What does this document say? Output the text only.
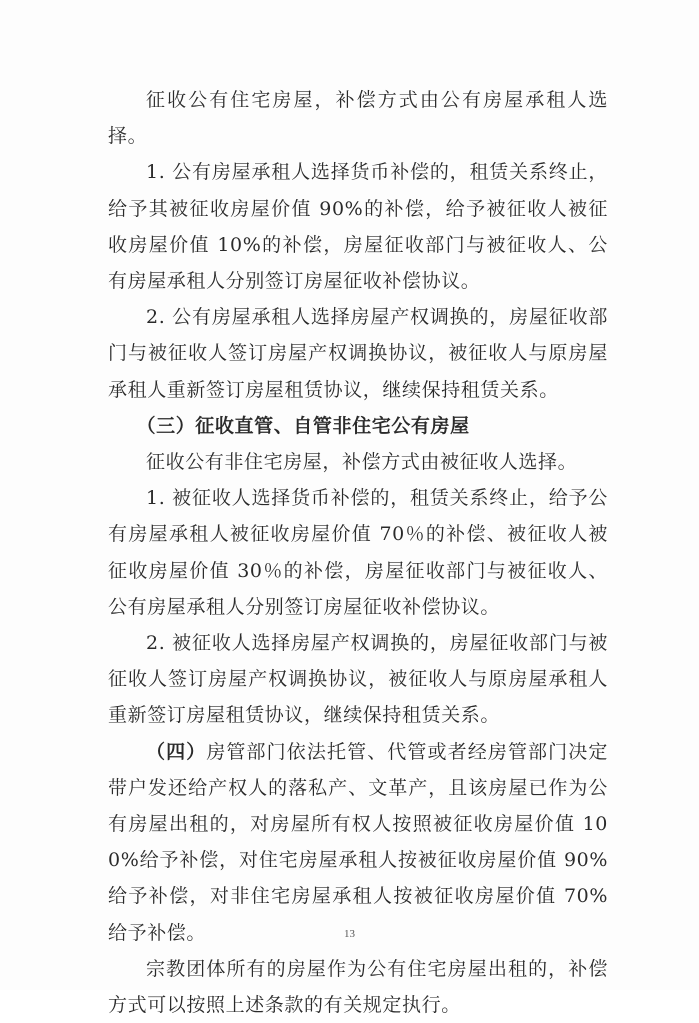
征收公有住宅房屋，补偿方式由公有房屋承租人选择。

1. 公有房屋承租人选择货币补偿的，租赁关系终止，给予其被征收房屋价值 90%的补偿，给予被征收人被征收房屋价值 10%的补偿，房屋征收部门与被征收人、公有房屋承租人分别签订房屋征收补偿协议。

2. 公有房屋承租人选择房屋产权调换的，房屋征收部门与被征收人签订房屋产权调换协议，被征收人与原房屋承租人重新签订房屋租赁协议，继续保持租赁关系。

（三）征收直管、自管非住宅公有房屋

征收公有非住宅房屋，补偿方式由被征收人选择。

1. 被征收人选择货币补偿的，租赁关系终止，给予公有房屋承租人被征收房屋价值 70％的补偿、被征收人被征收房屋价值 30％的补偿，房屋征收部门与被征收人、公有房屋承租人分别签订房屋征收补偿协议。

2. 被征收人选择房屋产权调换的，房屋征收部门与被征收人签订房屋产权调换协议，被征收人与原房屋承租人重新签订房屋租赁协议，继续保持租赁关系。

（四）房管部门依法托管、代管或者经房管部门决定带户发还给产权人的落私产、文革产，且该房屋已作为公有房屋出租的，对房屋所有权人按照被征收房屋价值 100%给予补偿，对住宅房屋承租人按被征收房屋价值 90%给予补偿，对非住宅房屋承租人按被征收房屋价值 70%给予补偿。

宗教团体所有的房屋作为公有住宅房屋出租的，补偿方式可以按照上述条款的有关规定执行。

13
